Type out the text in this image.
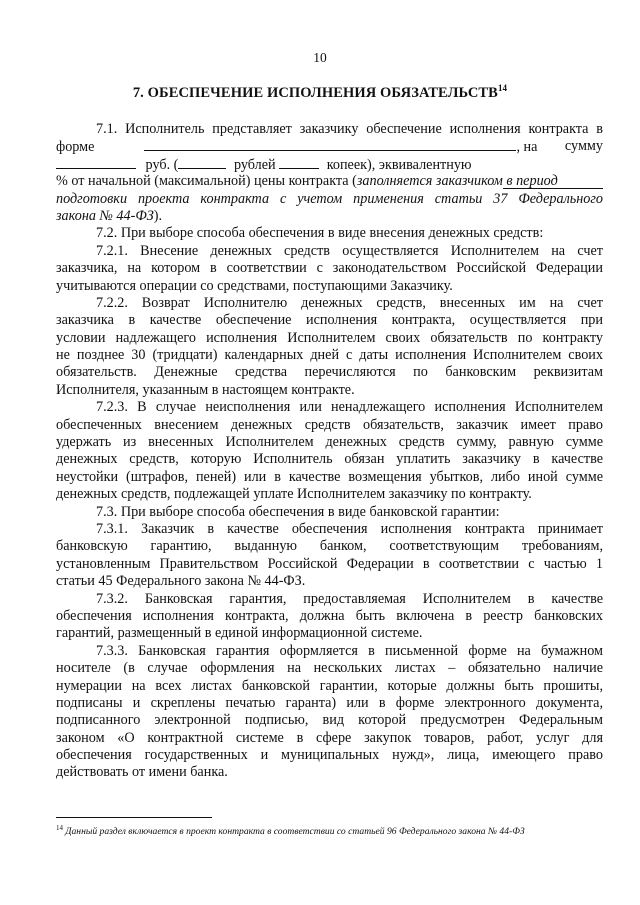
10
7. ОБЕСПЕЧЕНИЕ ИСПОЛНЕНИЯ ОБЯЗАТЕЛЬСТВ$^{14}$
7.1. Исполнитель представляет заказчику обеспечение исполнения контракта в
форме	, на сумму
руб. (	рублей	копеек), эквивалентную
% от начальной (максимальной) цены контракта (заполняется заказчиком в период
подготовки проекта контракта с учетом применения статьи 37 Федерального
закона № 44-ФЗ).
7.2. При выборе способа обеспечения в виде внесения денежных средств:
7.2.1. Внесение денежных средств осуществляется Исполнителем на счет
заказчика, на котором в соответствии с законодательством Российской Федерации
учитываются операции со средствами, поступающими Заказчику.
7.2.2. Возврат Исполнителю денежных средств, внесенных им на счет
заказчика в качестве обеспечение исполнения контракта, осуществляется при
условии надлежащего исполнения Исполнителем своих обязательств по контракту
не позднее 30 (тридцати) календарных дней с даты исполнения Исполнителем своих
обязательств. Денежные средства перечисляются по банковским реквизитам
Исполнителя, указанным в настоящем контракте.
7.2.3. В случае неисполнения или ненадлежащего исполнения Исполнителем
обеспеченных внесением денежных средств обязательств, заказчик имеет право
удержать из внесенных Исполнителем денежных средств сумму, равную сумме
денежных средств, которую Исполнитель обязан уплатить заказчику в качестве
неустойки (штрафов, пеней) или в качестве возмещения убытков, либо иной сумме
денежных средств, подлежащей уплате Исполнителем заказчику по контракту.
7.3. При выборе способа обеспечения в виде банковской гарантии:
7.3.1. Заказчик в качестве обеспечения исполнения контракта принимает
банковскую гарантию, выданную банком, соответствующим требованиям,
установленным Правительством Российской Федерации в соответствии с частью 1
статьи 45 Федерального закона № 44-ФЗ.
7.3.2. Банковская гарантия, предоставляемая Исполнителем в качестве
обеспечения исполнения контракта, должна быть включена в реестр банковских
гарантий, размещенный в единой информационной системе.
7.3.3. Банковская гарантия оформляется в письменной форме на бумажном
носителе (в случае оформления на нескольких листах – обязательно наличие
нумерации на всех листах банковской гарантии, которые должны быть прошиты,
подписаны и скреплены печатью гаранта) или в форме электронного документа,
подписанного электронной подписью, вид которой предусмотрен Федеральным
законом «О контрактной системе в сфере закупок товаров, работ, услуг для
обеспечения государственных и муниципальных нужд», лица, имеющего право
действовать от имени банка.
$^{14}$ Данный раздел включается в проект контракта в соответствии со статьей 96 Федерального закона № 44-ФЗ
